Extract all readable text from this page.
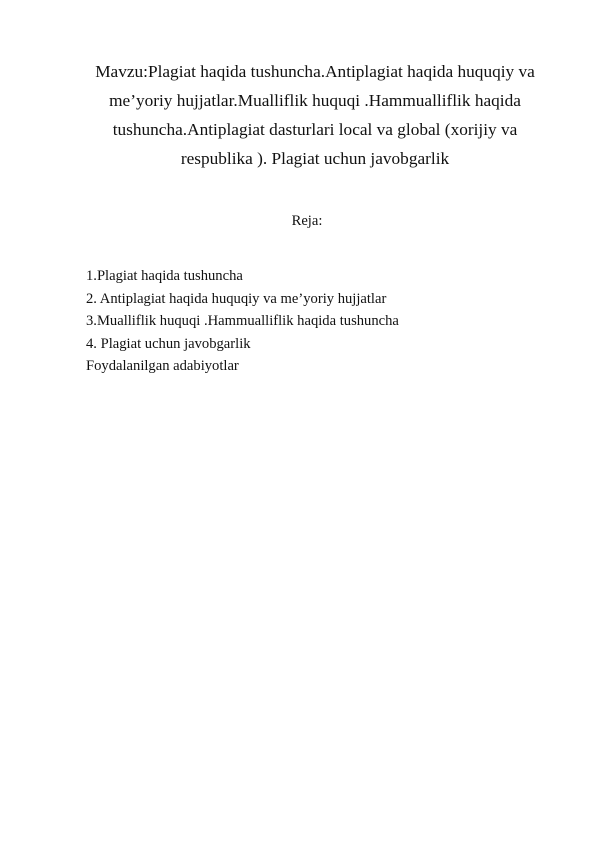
Mavzu:Plagiat haqida tushuncha.Antiplagiat haqida huquqiy va
me’yoriy hujjatlar.Mualliflik huquqi .Hammualliflik haqida
tushuncha.Antiplagiat dasturlari local va global (xorijiy va
respublika ). Plagiat uchun javobgarlik
Reja:
1.Plagiat haqida tushuncha
2. Antiplagiat haqida huquqiy va me’yoriy hujjatlar
3.Mualliflik huquqi .Hammualliflik haqida tushuncha
4. Plagiat uchun javobgarlik
Foydalanilgan adabiyotlar
